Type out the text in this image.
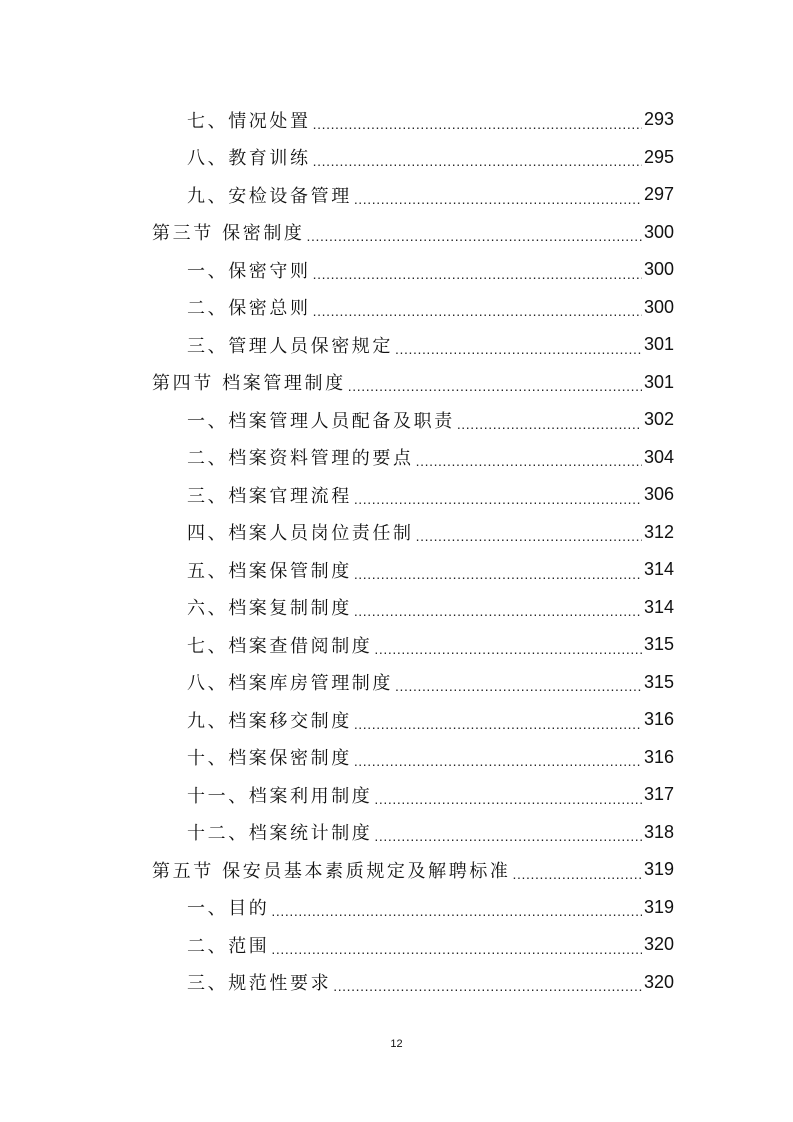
七、情况处置 .....	293
八、教育训练 .....	295
九、安检设备管理 .....	297
第三节 保密制度 .....	300
一、保密守则 .....	300
二、保密总则 .....	300
三、管理人员保密规定 .....	301
第四节 档案管理制度 .....	301
一、档案管理人员配备及职责 .....	302
二、档案资料管理的要点 .....	304
三、档案官理流程 .....	306
四、档案人员岗位责任制 .....	312
五、档案保管制度 .....	314
六、档案复制制度 .....	314
七、档案查借阅制度 .....	315
八、档案库房管理制度 .....	315
九、档案移交制度 .....	316
十、档案保密制度 .....	316
十一、档案利用制度 .....	317
十二、档案统计制度 .....	318
第五节 保安员基本素质规定及解聘标准 .....	319
一、目的 .....	319
二、范围 .....	320
三、规范性要求 .....	320
12
